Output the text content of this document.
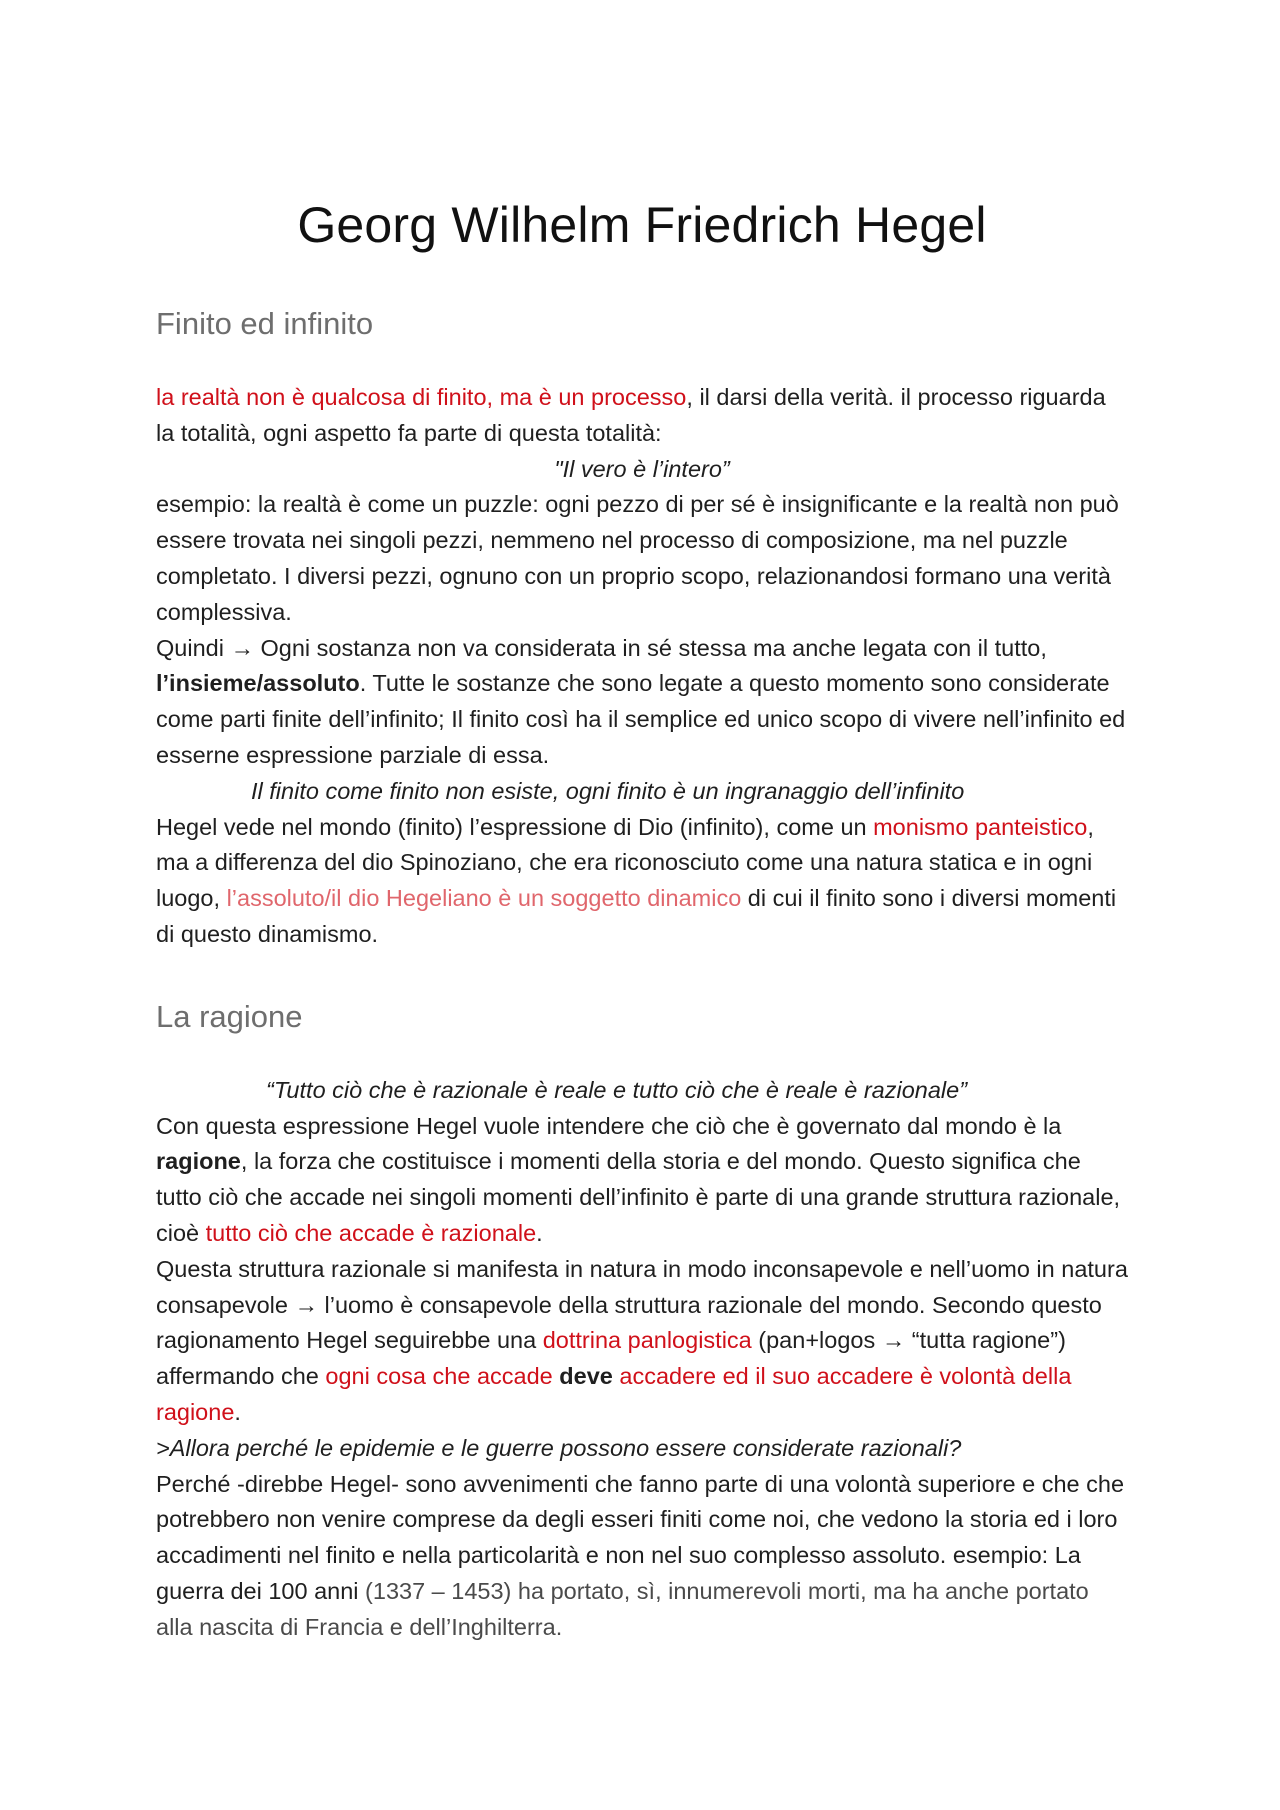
Georg Wilhelm Friedrich Hegel
Finito ed infinito

la realtà non è qualcosa di finito, ma è un processo, il darsi della verità. il processo riguarda la totalità, ogni aspetto fa parte di questa totalità:

"Il vero è l’intero”

esempio: la realtà è come un puzzle: ogni pezzo di per sé è insignificante e la realtà non può essere trovata nei singoli pezzi, nemmeno nel processo di composizione, ma nel puzzle completato. I diversi pezzi, ognuno con un proprio scopo, relazionandosi formano una verità complessiva.

Quindi → Ogni sostanza non va considerata in sé stessa ma anche legata con il tutto, l’insieme/assoluto. Tutte le sostanze che sono legate a questo momento sono considerate come parti finite dell’infinito; Il finito così ha il semplice ed unico scopo di vivere nell’infinito ed esserne espressione parziale di essa.

Il finito come finito non esiste, ogni finito è un ingranaggio dell’infinito

Hegel vede nel mondo (finito) l’espressione di Dio (infinito), come un monismo panteistico, ma a differenza del dio Spinoziano, che era riconosciuto come una natura statica e in ogni luogo, l’assoluto/il dio Hegeliano è un soggetto dinamico di cui il finito sono i diversi momenti di questo dinamismo.

La ragione

“Tutto ciò che è razionale è reale e tutto ciò che è reale è razionale”

Con questa espressione Hegel vuole intendere che ciò che è governato dal mondo è la ragione, la forza che costituisce i momenti della storia e del mondo. Questo significa che tutto ciò che accade nei singoli momenti dell’infinito è parte di una grande struttura razionale, cioè tutto ciò che accade è razionale.

Questa struttura razionale si manifesta in natura in modo inconsapevole e nell’uomo in natura consapevole → l’uomo è consapevole della struttura razionale del mondo. Secondo questo ragionamento Hegel seguirebbe una dottrina panlogistica (pan+logos → “tutta ragione”) affermando che ogni cosa che accade deve accadere ed il suo accadere è volontà della ragione.

>Allora perché le epidemie e le guerre possono essere considerate razionali?

Perché -direbbe Hegel- sono avvenimenti che fanno parte di una volontà superiore e che che potrebbero non venire comprese da degli esseri finiti come noi, che vedono la storia ed i loro accadimenti nel finito e nella particolarità e non nel suo complesso assoluto. esempio: La guerra dei 100 anni (1337 – 1453) ha portato, sì, innumerevoli morti, ma ha anche portato alla nascita di Francia e dell’Inghilterra.
